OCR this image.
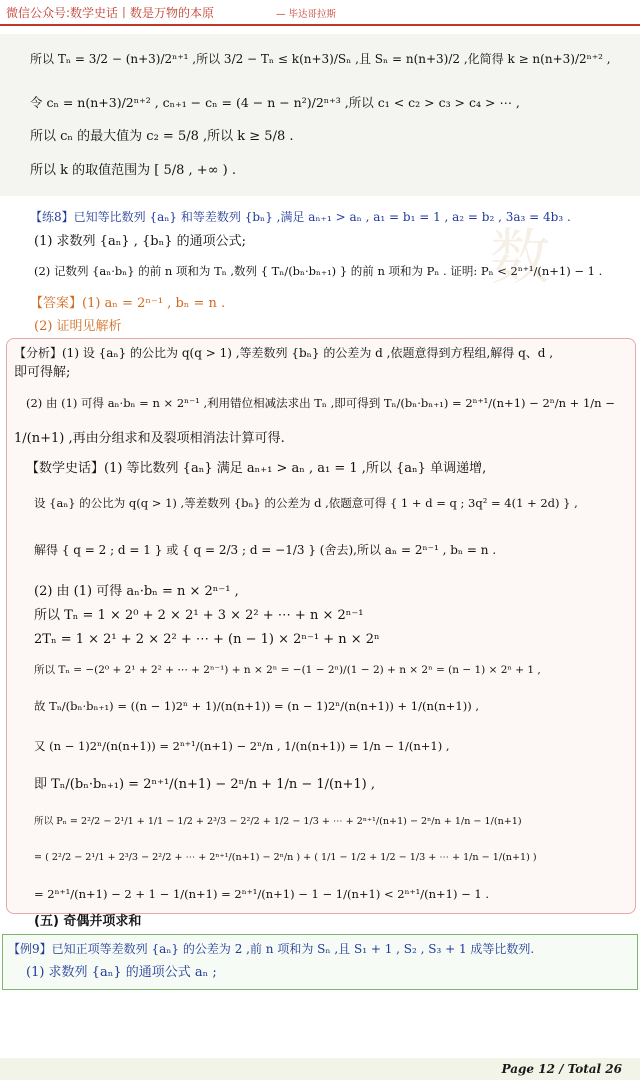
微信公众号:数学史话丨数是万物的本原	— 毕达哥拉斯
所以 Tₙ = 3/2 − (n+3)/2ⁿ⁺¹ ,所以 3/2 − Tₙ ≤ k(n+3)/Sₙ ,且 Sₙ = n(n+3)/2 ,化简得 k ≥ n(n+3)/2ⁿ⁺² ,
令 cₙ = n(n+3)/2ⁿ⁺² , cₙ₊₁ − cₙ = (4 − n − n²)/2ⁿ⁺³ ,所以 c₁ < c₂ > c₃ > c₄ > ⋯ ,
所以 cₙ 的最大值为 c₂ = 5/8 ,所以 k ≥ 5/8 .
所以 k 的取值范围为 [ 5/8 , +∞ ) .
数
【练8】已知等比数列 {aₙ} 和等差数列 {bₙ} ,满足 aₙ₊₁ > aₙ , a₁ = b₁ = 1 , a₂ = b₂ , 3a₃ = 4b₃ .
(1) 求数列 {aₙ} , {bₙ} 的通项公式;
(2) 记数列 {aₙ·bₙ} 的前 n 项和为 Tₙ ,数列 { Tₙ/(bₙ·bₙ₊₁) } 的前 n 项和为 Pₙ . 证明: Pₙ < 2ⁿ⁺¹/(n+1) − 1 .
【答案】(1) aₙ = 2ⁿ⁻¹ , bₙ = n .
(2) 证明见解析
【分析】(1) 设 {aₙ} 的公比为 q(q > 1) ,等差数列 {bₙ} 的公差为 d ,依题意得到方程组,解得 q、d ,
即可得解;
(2) 由 (1) 可得 aₙ·bₙ = n × 2ⁿ⁻¹ ,利用错位相减法求出 Tₙ ,即可得到 Tₙ/(bₙ·bₙ₊₁) = 2ⁿ⁺¹/(n+1) − 2ⁿ/n + 1/n −
1/(n+1) ,再由分组求和及裂项相消法计算可得.
【数学史话】(1) 等比数列 {aₙ} 满足 aₙ₊₁ > aₙ , a₁ = 1 ,所以 {aₙ} 单调递增,
设 {aₙ} 的公比为 q(q > 1) ,等差数列 {bₙ} 的公差为 d ,依题意可得 { 1 + d = q ; 3q² = 4(1 + 2d) } ,
解得 { q = 2 ; d = 1 } 或 { q = 2/3 ; d = −1/3 } (舍去),所以 aₙ = 2ⁿ⁻¹ , bₙ = n .
(2) 由 (1) 可得 aₙ·bₙ = n × 2ⁿ⁻¹ ,
所以 Tₙ = 1 × 2⁰ + 2 × 2¹ + 3 × 2² + ⋯ + n × 2ⁿ⁻¹
2Tₙ = 1 × 2¹ + 2 × 2² + ⋯ + (n − 1) × 2ⁿ⁻¹ + n × 2ⁿ
所以 Tₙ = −(2⁰ + 2¹ + 2² + ⋯ + 2ⁿ⁻¹) + n × 2ⁿ = −(1 − 2ⁿ)/(1 − 2) + n × 2ⁿ = (n − 1) × 2ⁿ + 1 ,
故 Tₙ/(bₙ·bₙ₊₁) = ((n − 1)2ⁿ + 1)/(n(n+1)) = (n − 1)2ⁿ/(n(n+1)) + 1/(n(n+1)) ,
又 (n − 1)2ⁿ/(n(n+1)) = 2ⁿ⁺¹/(n+1) − 2ⁿ/n , 1/(n(n+1)) = 1/n − 1/(n+1) ,
即 Tₙ/(bₙ·bₙ₊₁) = 2ⁿ⁺¹/(n+1) − 2ⁿ/n + 1/n − 1/(n+1) ,
所以 Pₙ = 2²/2 − 2¹/1 + 1/1 − 1/2 + 2³/3 − 2²/2 + 1/2 − 1/3 + ⋯ + 2ⁿ⁺¹/(n+1) − 2ⁿ/n + 1/n − 1/(n+1)
= ( 2²/2 − 2¹/1 + 2³/3 − 2²/2 + ⋯ + 2ⁿ⁺¹/(n+1) − 2ⁿ/n ) + ( 1/1 − 1/2 + 1/2 − 1/3 + ⋯ + 1/n − 1/(n+1) )
= 2ⁿ⁺¹/(n+1) − 2 + 1 − 1/(n+1) = 2ⁿ⁺¹/(n+1) − 1 − 1/(n+1) < 2ⁿ⁺¹/(n+1) − 1 .
(五) 奇偶并项求和
【例9】已知正项等差数列 {aₙ} 的公差为 2 ,前 n 项和为 Sₙ ,且 S₁ + 1 , S₂ , S₃ + 1 成等比数列.
(1) 求数列 {aₙ} 的通项公式 aₙ ;
Page 12 / Total 26
